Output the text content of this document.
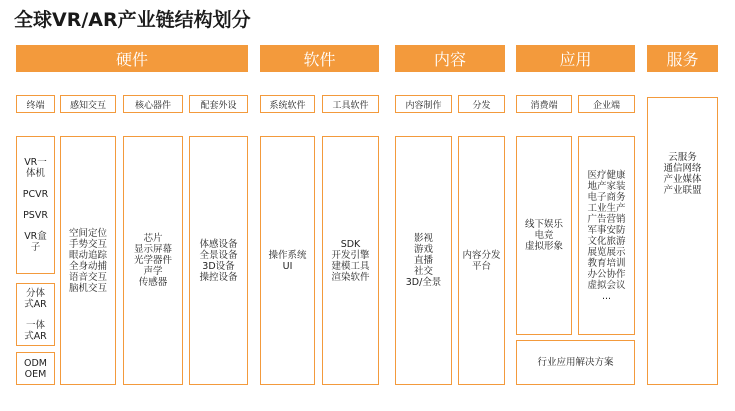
全球VR/AR产业链结构划分
硬件	软件	内容	应用	服务
终端	感知交互	核心器件	配套外设	系统软件	工具软件	内容制作	分发	消费端	企业端
VR一
体机
PCVR
PSVR
VR盒
子
分体
式AR
一体
式AR
ODM
OEM
空间定位
手势交互
眼动追踪
全身动捕
语音交互
脑机交互
芯片
显示屏幕
光学器件
声学
传感器
体感设备
全景设备
3D设备
操控设备
操作系统
UI
SDK
开发引擎
建模工具
渲染软件
影视
游戏
直播
社交
3D/全景
内容分发
平台
线下娱乐
电竞
虚拟形象
医疗健康
地产家装
电子商务
工业生产
广告营销
军事安防
文化旅游
展览展示
教育培训
办公协作
虚拟会议
...
行业应用解决方案
云服务
通信网络
产业媒体
产业联盟
